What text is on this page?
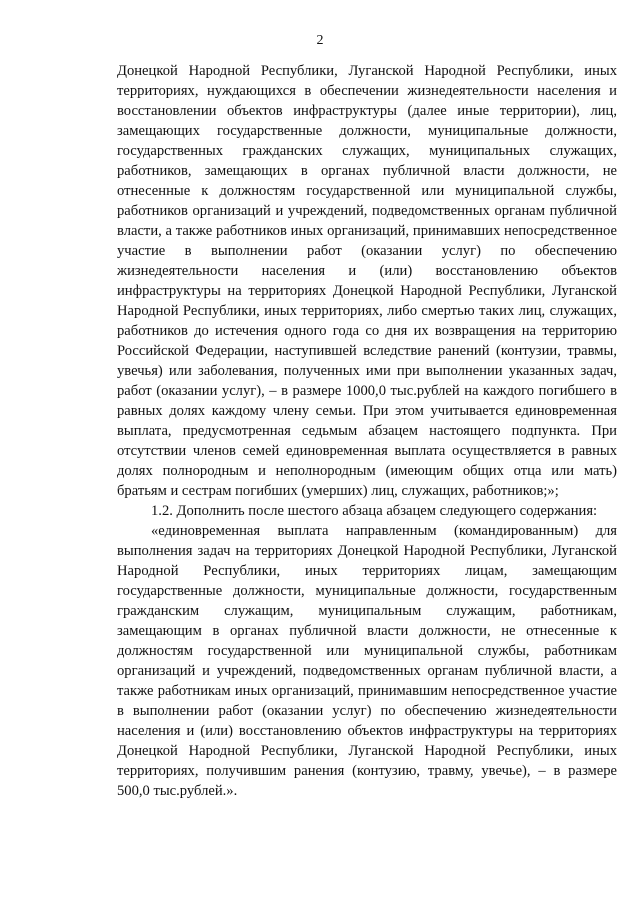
2

Донецкой Народной Республики, Луганской Народной Республики, иных территориях, нуждающихся в обеспечении жизнедеятельности населения и восстановлении объектов инфраструктуры (далее иные территории), лиц, замещающих государственные должности, муниципальные должности, государственных гражданских служащих, муниципальных служащих, работников, замещающих в органах публичной власти должности, не отнесенные к должностям государственной или муниципальной службы, работников организаций и учреждений, подведомственных органам публичной власти, а также работников иных организаций, принимавших непосредственное участие в выполнении работ (оказании услуг) по обеспечению жизнедеятельности населения и (или) восстановлению объектов инфраструктуры на территориях Донецкой Народной Республики, Луганской Народной Республики, иных территориях, либо смертью таких лиц, служащих, работников до истечения одного года со дня их возвращения на территорию Российской Федерации, наступившей вследствие ранений (контузии, травмы, увечья) или заболевания, полученных ими при выполнении указанных задач, работ (оказании услуг), – в размере 1000,0 тыс.рублей на каждого погибшего в равных долях каждому члену семьи. При этом учитывается единовременная выплата, предусмотренная седьмым абзацем настоящего подпункта. При отсутствии членов семей единовременная выплата осуществляется в равных долях полнородным и неполнородным (имеющим общих отца или мать) братьям и сестрам погибших (умерших) лиц, служащих, работников;»;

1.2. Дополнить после шестого абзаца абзацем следующего содержания:

«единовременная выплата направленным (командированным) для выполнения задач на территориях Донецкой Народной Республики, Луганской Народной Республики, иных территориях лицам, замещающим государственные должности, муниципальные должности, государственным гражданским служащим, муниципальным служащим, работникам, замещающим в органах публичной власти должности, не отнесенные к должностям государственной или муниципальной службы, работникам организаций и учреждений, подведомственных органам публичной власти, а также работникам иных организаций, принимавшим непосредственное участие в выполнении работ (оказании услуг) по обеспечению жизнедеятельности населения и (или) восстановлению объектов инфраструктуры на территориях Донецкой Народной Республики, Луганской Народной Республики, иных территориях, получившим ранения (контузию, травму, увечье), – в размере 500,0 тыс.рублей.».
